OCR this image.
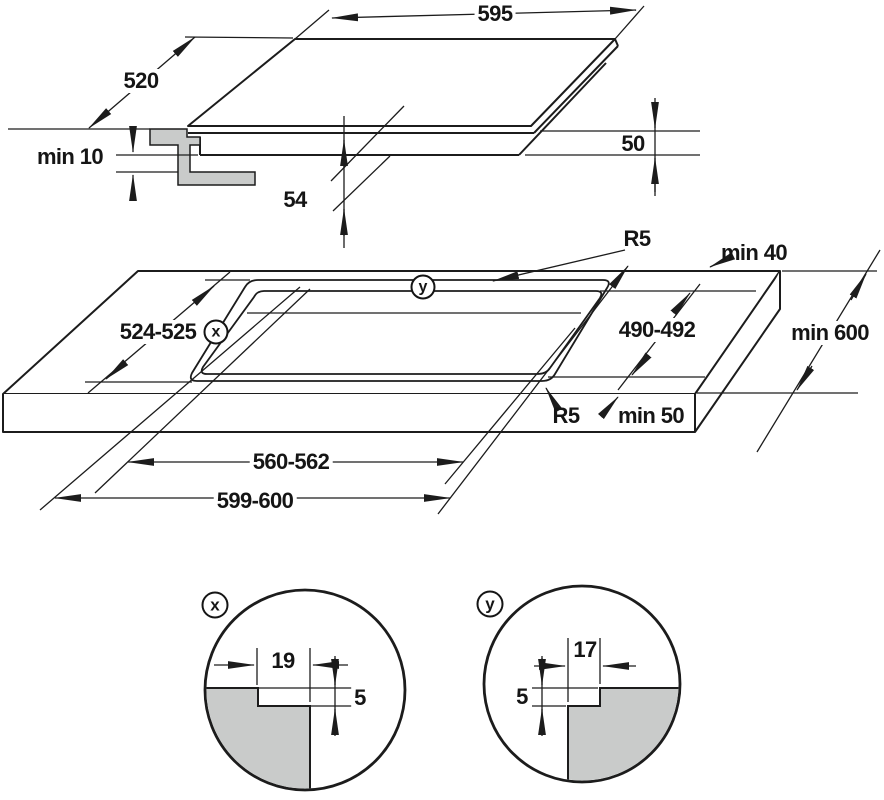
595
520
min 10
54
50
R5
min 40
min 600
524-525	490-492
R5 min 50
560-562
599-600
x
y
x
19
5
y
17
5
